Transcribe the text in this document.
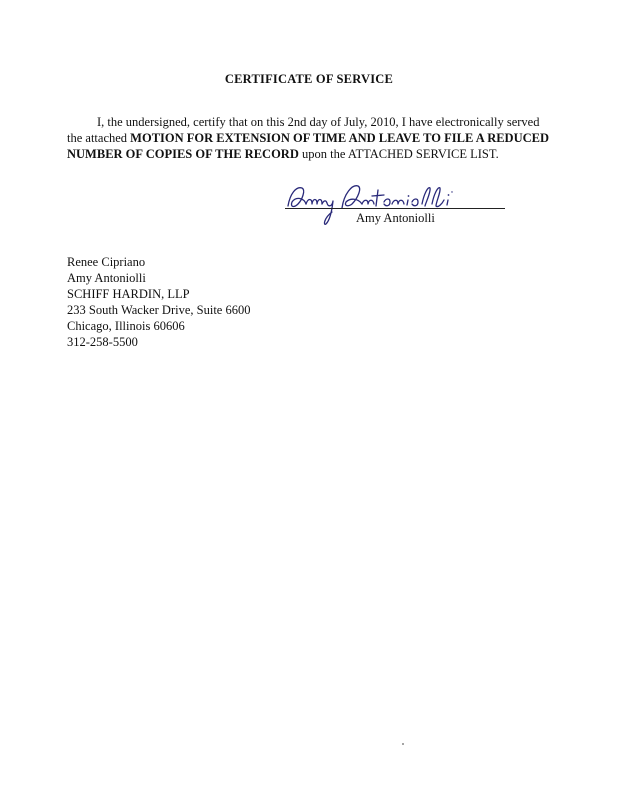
CERTIFICATE OF SERVICE
I, the undersigned, certify that on this 2nd day of July, 2010, I have electronically served
the attached MOTION FOR EXTENSION OF TIME AND LEAVE TO FILE A REDUCED
NUMBER OF COPIES OF THE RECORD upon the ATTACHED SERVICE LIST.
Amy Antoniolli
Renee Cipriano
Amy Antoniolli
SCHIFF HARDIN, LLP
233 South Wacker Drive, Suite 6600
Chicago, Illinois 60606
312-258-5500
